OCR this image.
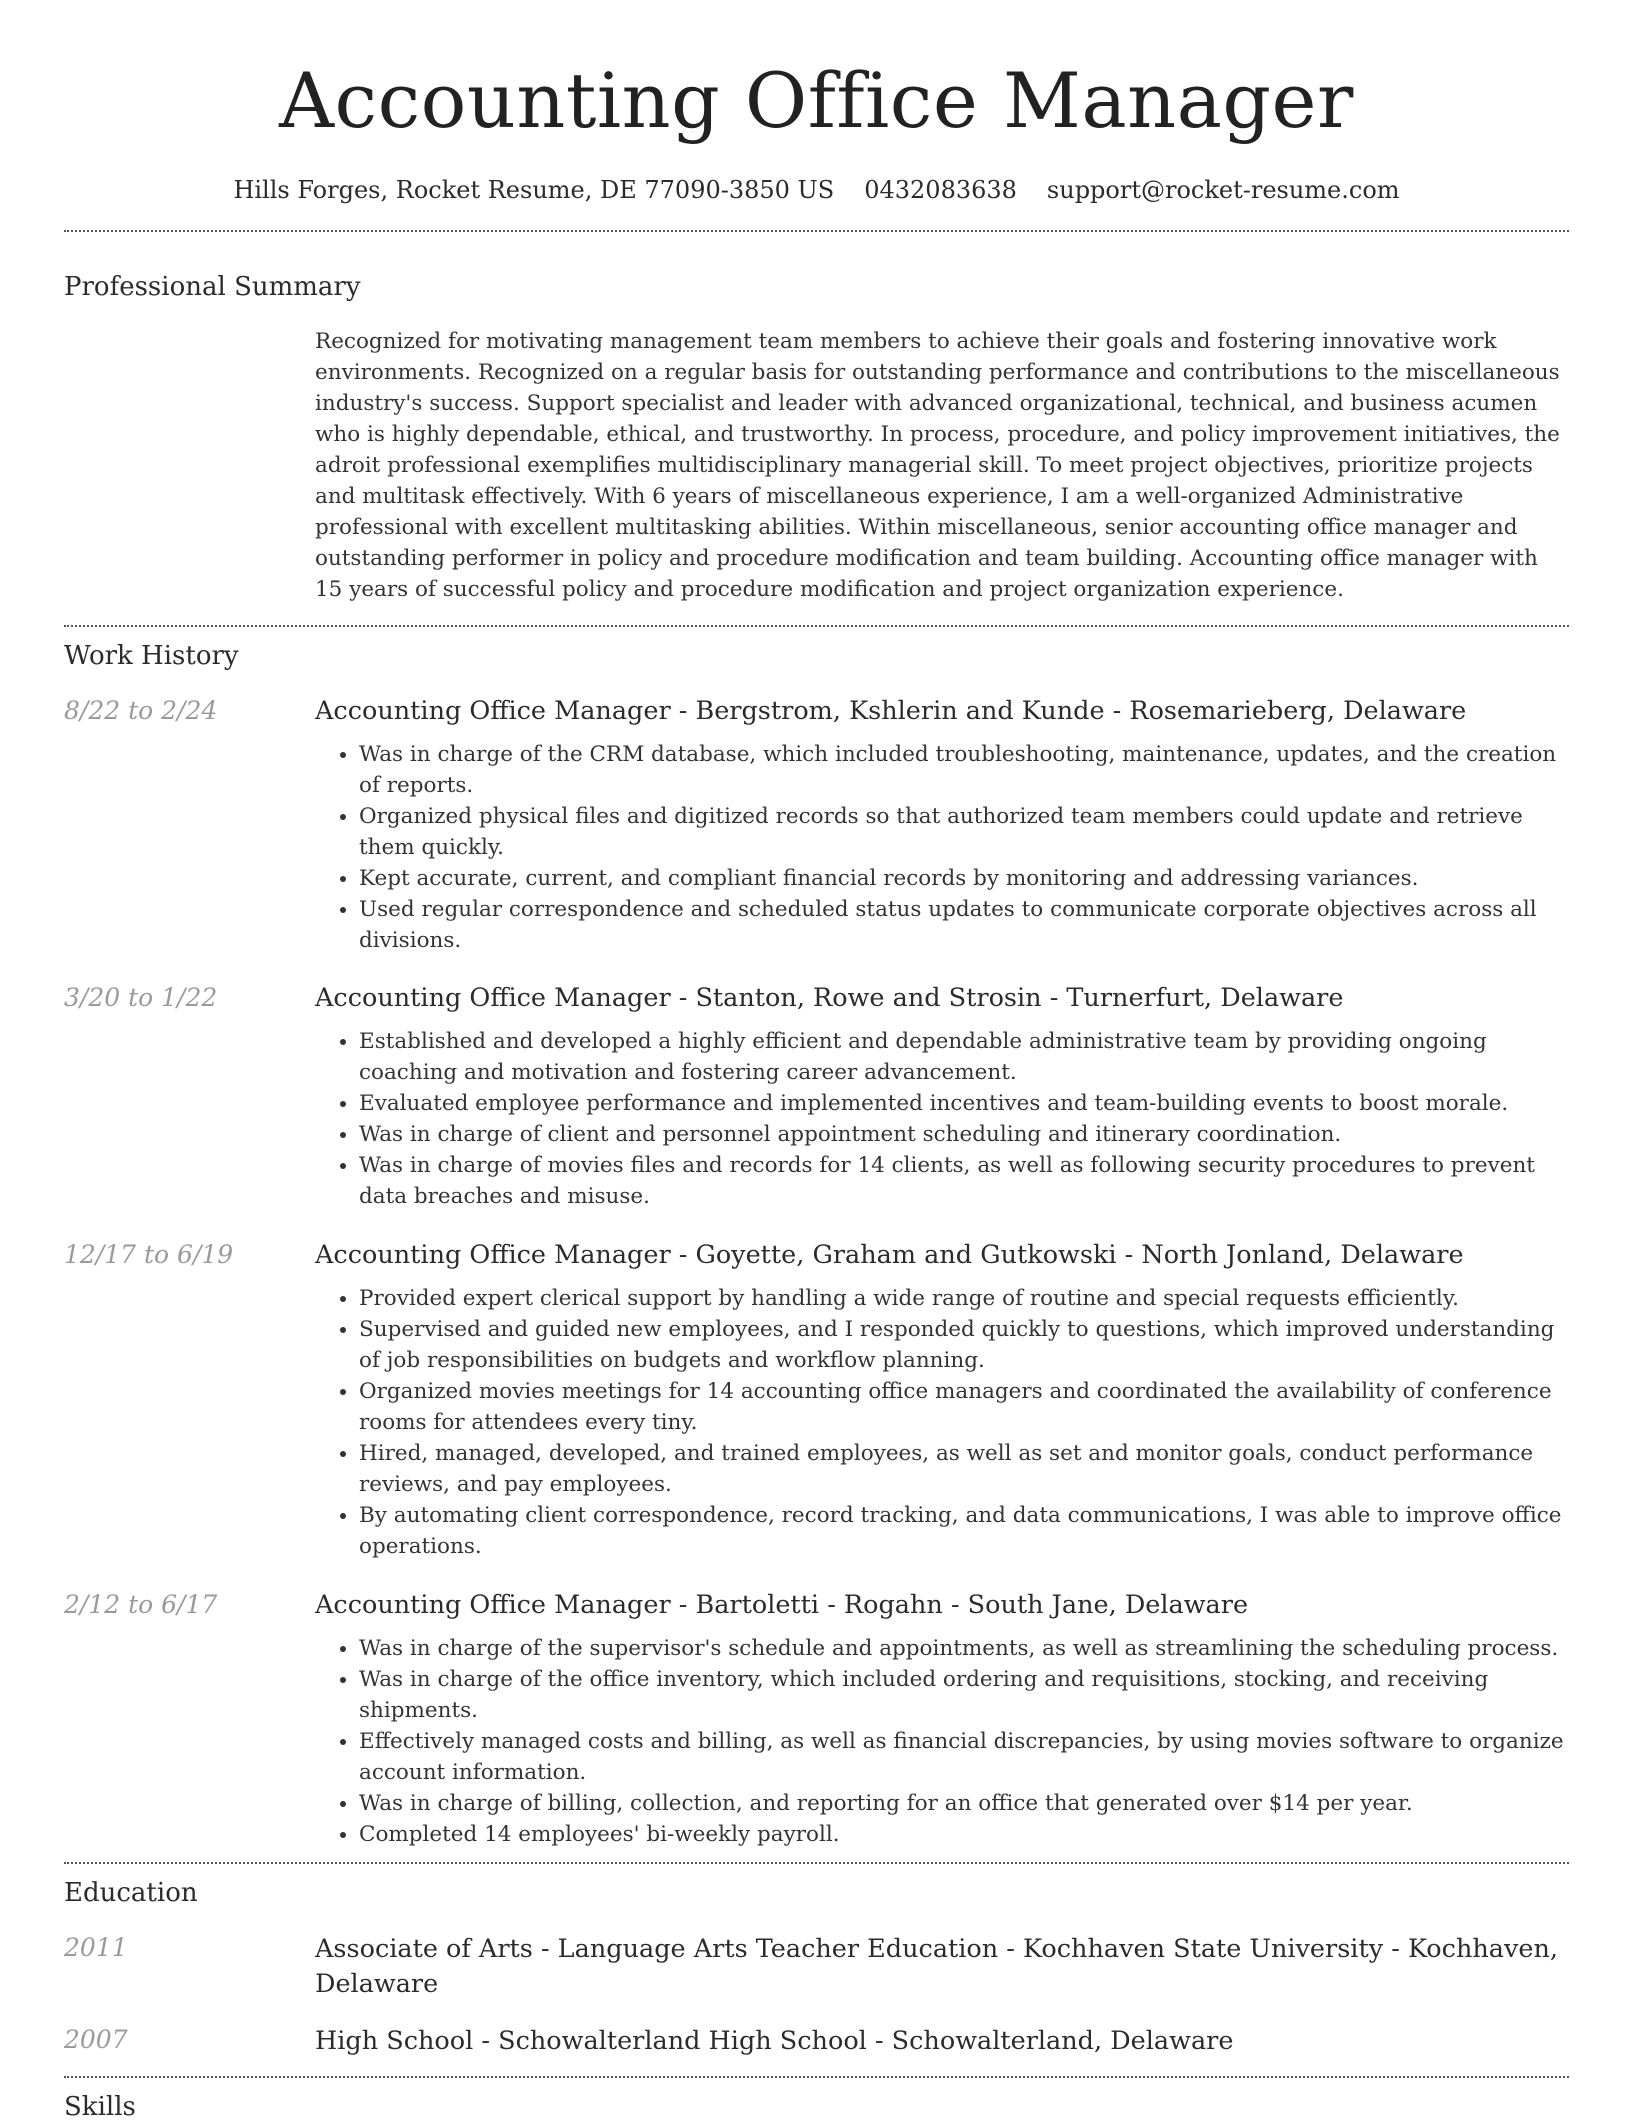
Accounting Office Manager
Hills Forges, Rocket Resume, DE 77090-3850 US 0432083638 support@rocket-resume.com
Professional Summary

Recognized for motivating management team members to achieve their goals and fostering innovative work environments. Recognized on a regular basis for outstanding performance and contributions to the miscellaneous industry's success. Support specialist and leader with advanced organizational, technical, and business acumen who is highly dependable, ethical, and trustworthy. In process, procedure, and policy improvement initiatives, the adroit professional exemplifies multidisciplinary managerial skill. To meet project objectives, prioritize projects and multitask effectively. With 6 years of miscellaneous experience, I am a well-organized Administrative professional with excellent multitasking abilities. Within miscellaneous, senior accounting office manager and outstanding performer in policy and procedure modification and team building. Accounting office manager with 15 years of successful policy and procedure modification and project organization experience.

Work History
8/22 to 2/24	Accounting Office Manager - Bergstrom, Kshlerin and Kunde - Rosemarieberg, Delaware
• Was in charge of the CRM database, which included troubleshooting, maintenance, updates, and the creation of reports.
• Organized physical files and digitized records so that authorized team members could update and retrieve them quickly.
• Kept accurate, current, and compliant financial records by monitoring and addressing variances.
• Used regular correspondence and scheduled status updates to communicate corporate objectives across all divisions.
3/20 to 1/22	Accounting Office Manager - Stanton, Rowe and Strosin - Turnerfurt, Delaware
• Established and developed a highly efficient and dependable administrative team by providing ongoing coaching and motivation and fostering career advancement.
• Evaluated employee performance and implemented incentives and team-building events to boost morale.
• Was in charge of client and personnel appointment scheduling and itinerary coordination.
• Was in charge of movies files and records for 14 clients, as well as following security procedures to prevent data breaches and misuse.
12/17 to 6/19	Accounting Office Manager - Goyette, Graham and Gutkowski - North Jonland, Delaware
• Provided expert clerical support by handling a wide range of routine and special requests efficiently.
• Supervised and guided new employees, and I responded quickly to questions, which improved understanding of job responsibilities on budgets and workflow planning.
• Organized movies meetings for 14 accounting office managers and coordinated the availability of conference rooms for attendees every tiny.
• Hired, managed, developed, and trained employees, as well as set and monitor goals, conduct performance reviews, and pay employees.
• By automating client correspondence, record tracking, and data communications, I was able to improve office operations.
2/12 to 6/17	Accounting Office Manager - Bartoletti - Rogahn - South Jane, Delaware
• Was in charge of the supervisor's schedule and appointments, as well as streamlining the scheduling process.
• Was in charge of the office inventory, which included ordering and requisitions, stocking, and receiving shipments.
• Effectively managed costs and billing, as well as financial discrepancies, by using movies software to organize account information.
• Was in charge of billing, collection, and reporting for an office that generated over $14 per year.
• Completed 14 employees' bi-weekly payroll.
Education
2011	Associate of Arts - Language Arts Teacher Education - Kochhaven State University - Kochhaven, Delaware
2007	High School - Schowalterland High School - Schowalterland, Delaware
Skills
